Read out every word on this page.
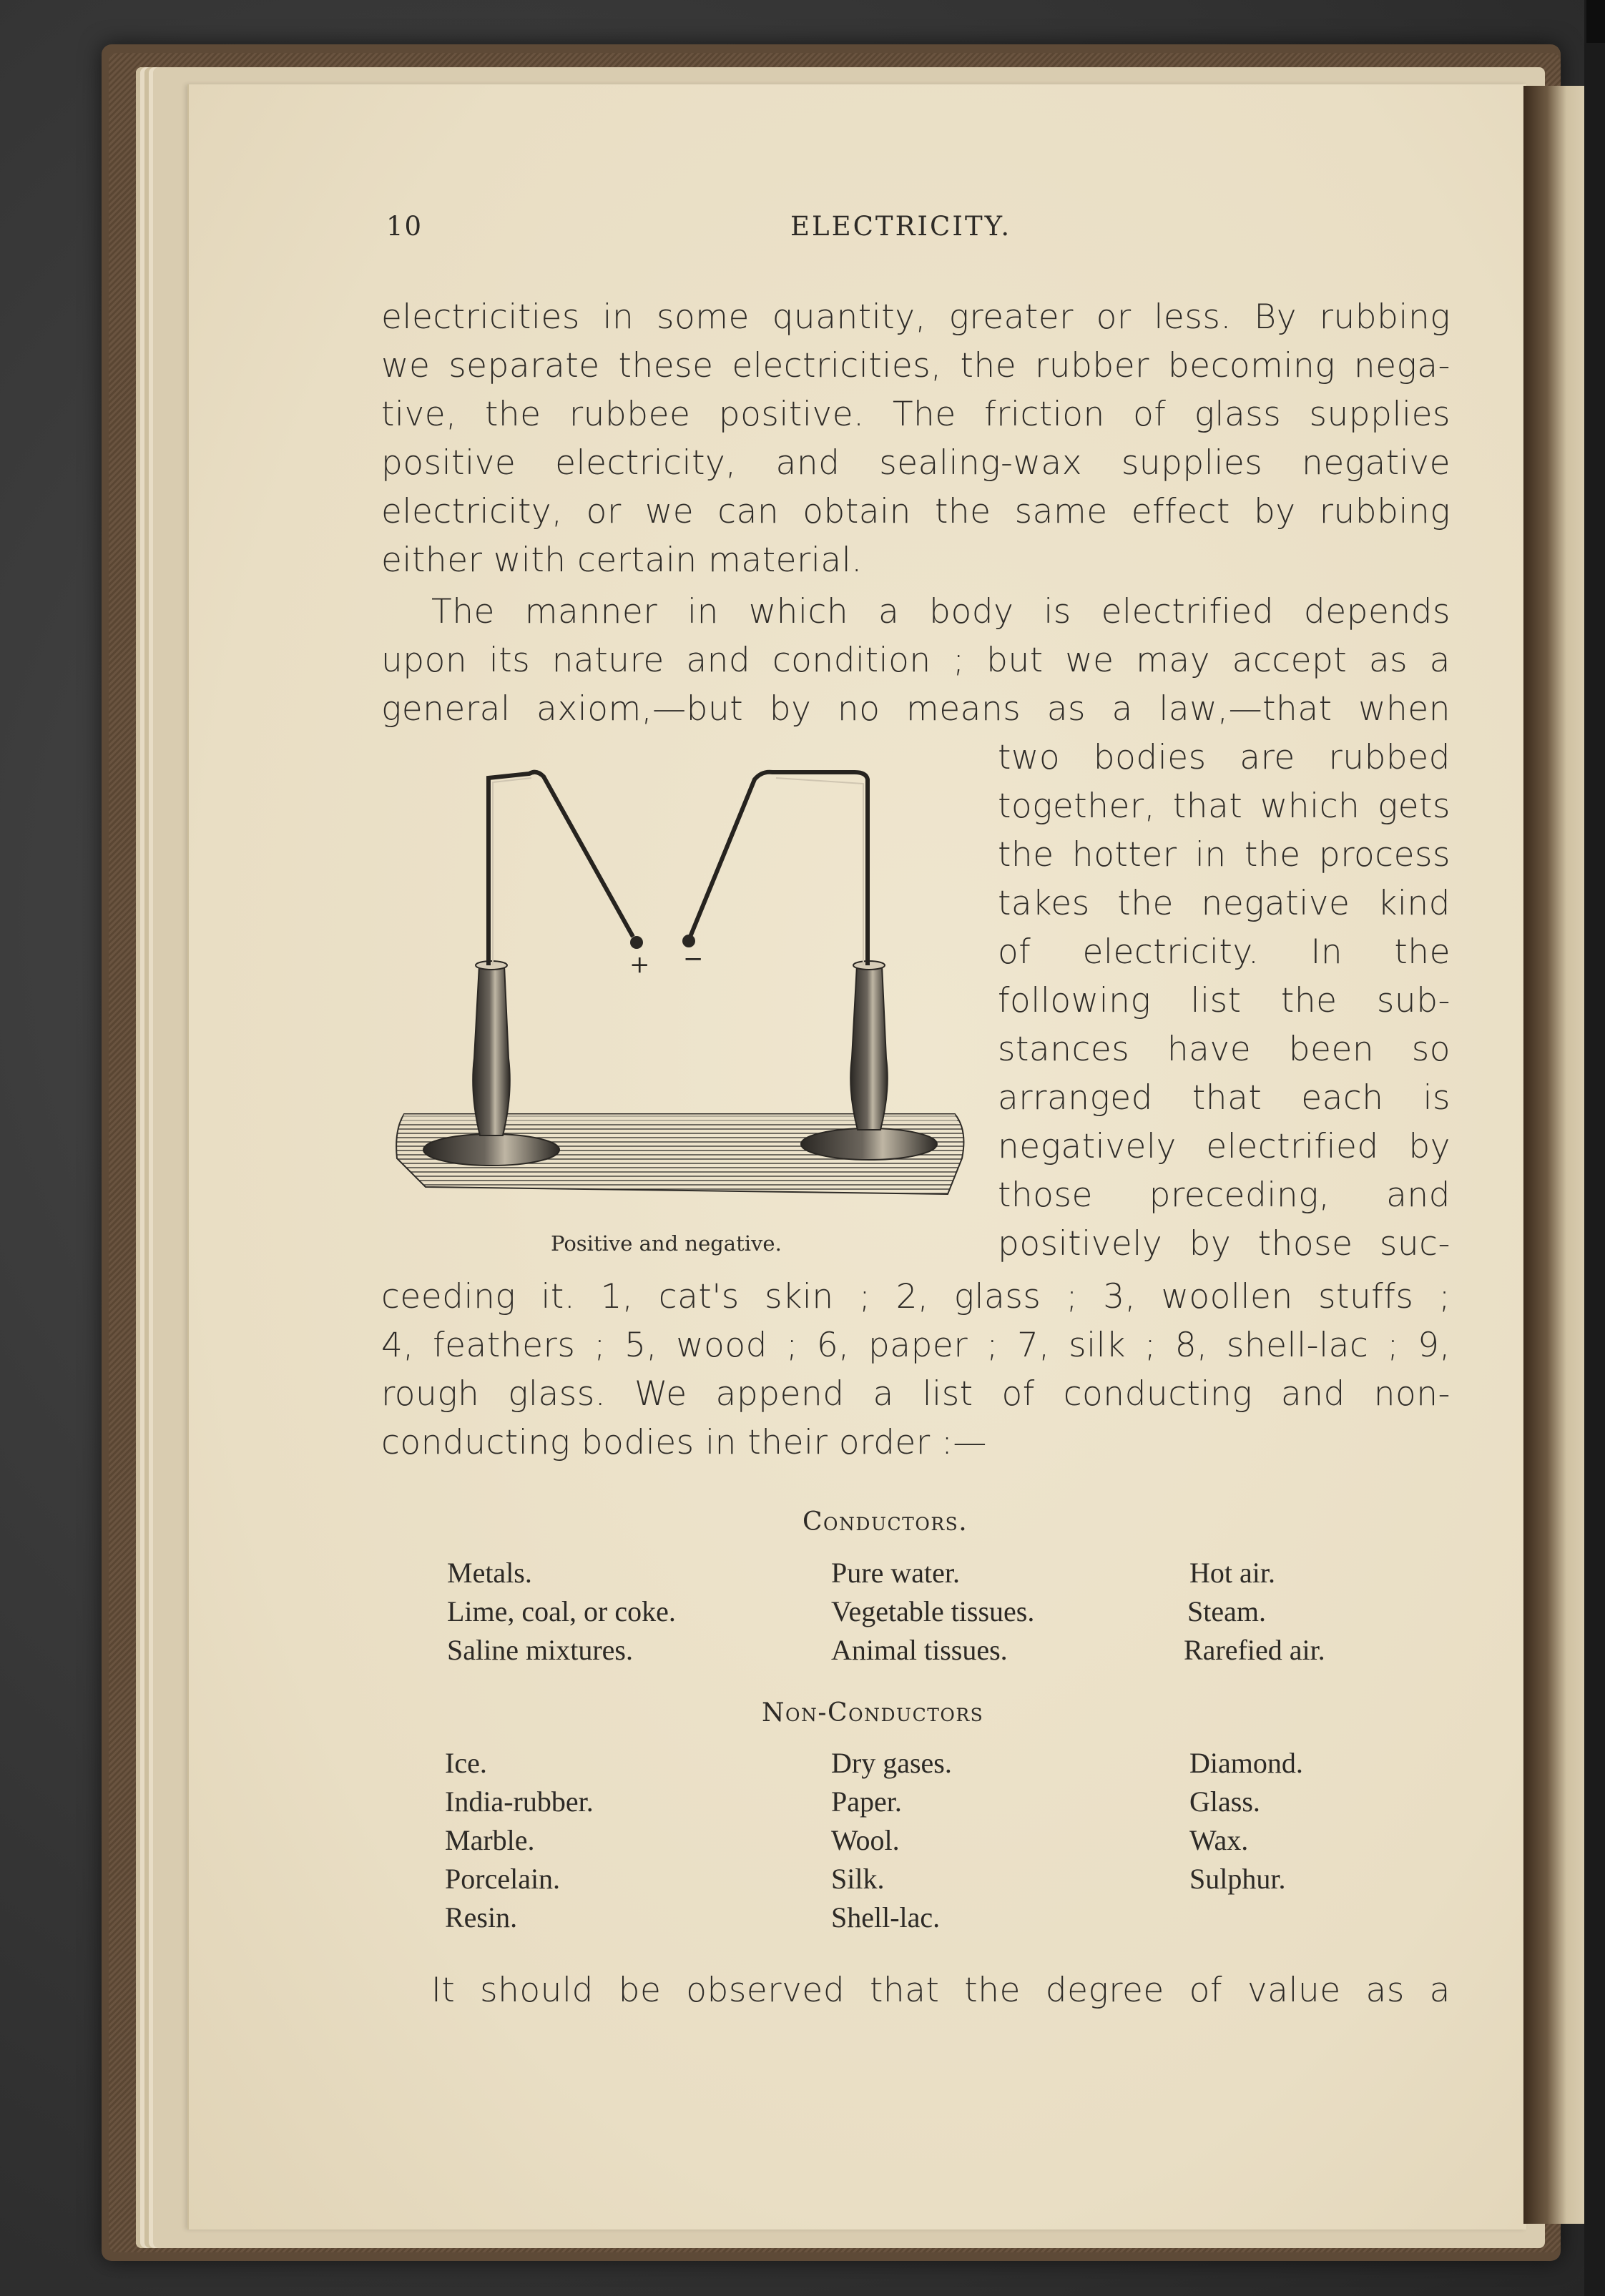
10	ELECTRICITY.
electricities in some quantity, greater or less. By rubbing
we separate these electricities, the rubber becoming nega-
tive, the rubbee positive. The friction of glass supplies
positive electricity, and sealing-wax supplies negative
electricity, or we can obtain the same effect by rubbing
either with certain material.
The manner in which a body is electrified depends
upon its nature and condition ; but we may accept as a
general axiom,—but by no means as a law,—that when
two bodies are rubbed
together, that which gets
the hotter in the process
takes the negative kind
of electricity. In the
following list the sub-
stances have been so
arranged that each is
negatively electrified by
those preceding, and
positively by those suc-
ceeding it. 1, cat's skin ; 2, glass ; 3, woollen stuffs ;
4, feathers ; 5, wood ; 6, paper ; 7, silk ; 8, shell-lac ; 9,
rough glass. We append a list of conducting and non-
conducting bodies in their order :—
+ −
Positive and negative.
Conductors.
Metals.
Lime, coal, or coke.
Saline mixtures.
Pure water.
Vegetable tissues.
Animal tissues.
Hot air.
Steam.
Rarefied air.
Non-Conductors
Ice.
India-rubber.
Marble.
Porcelain.
Resin.
Dry gases.
Paper.
Wool.
Silk.
Shell-lac.
Diamond.
Glass.
Wax.
Sulphur.
It should be observed that the degree of value as a
